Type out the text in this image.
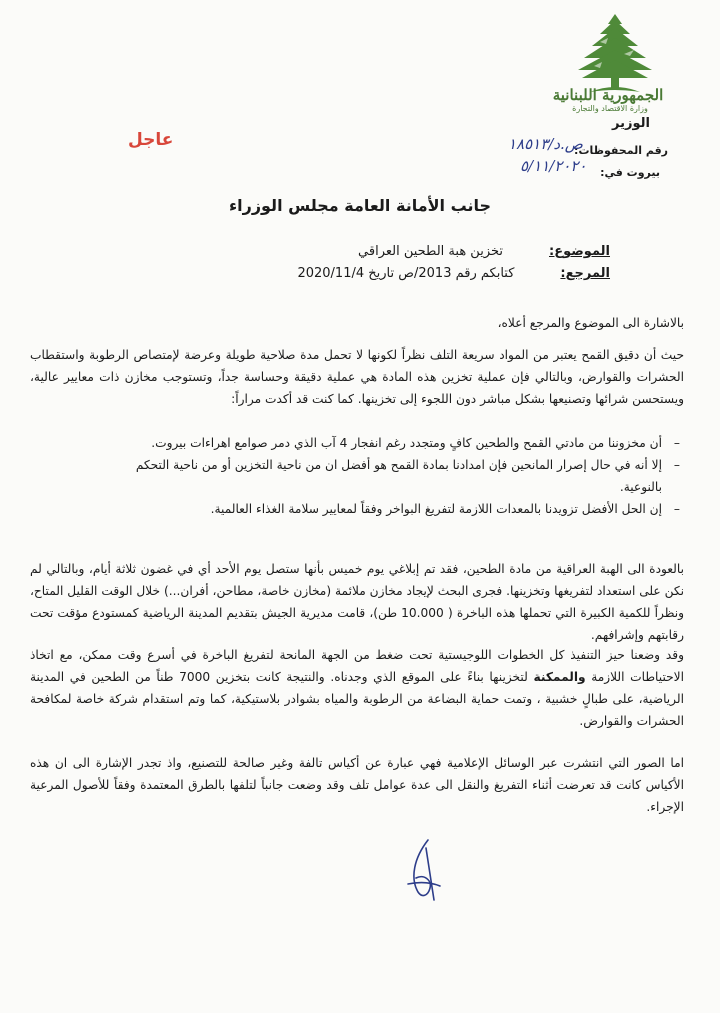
الجمهورية اللبنانية
وزارة الاقتصاد والتجارة
الوزير
رقم المحفوظات:
ص.د/١٨٥١٣
بيروت في:
٥/١١/٢٠٢٠
عاجل
جانب الأمانة العامة مجلس الوزراء
الموضوع:تخزين هبة الطحين العراقي
المرجع:كتابكم رقم 2013/ص تاريخ 2020/11/4
بالاشارة الى الموضوع والمرجع أعلاه،
حيث أن دقيق القمح يعتبر من المواد سريعة التلف نظراً لكونها لا تحمل مدة صلاحية طويلة وعرضة لإمتصاص الرطوبة واستقطاب الحشرات والقوارض، وبالتالي فإن عملية تخزين هذه المادة هي عملية دقيقة وحساسة جداً، وتستوجب مخازن ذات معايير عالية، ويستحسن شرائها وتصنيعها بشكل مباشر دون اللجوء إلى تخزينها. كما كنت قد أكدت مراراً:
– أن مخزوننا من مادتي القمح والطحين كافٍ ومتجدد رغم انفجار 4 آب الذي دمر صوامع اهراءات بيروت.
– إلا أنه في حال إصرار المانحين فإن امدادنا بمادة القمح هو أفضل ان من ناحية التخزين أو من ناحية التحكم بالنوعية.
– إن الحل الأفضل تزويدنا بالمعدات اللازمة لتفريغ البواخر وفقاً لمعايير سلامة الغذاء العالمية.
بالعودة الى الهبة العراقية من مادة الطحين، فقد تم إبلاغي يوم خميس بأنها ستصل يوم الأحد أي في غضون ثلاثة أيام، وبالتالي لم نكن على استعداد لتفريغها وتخزينها. فجرى البحث لإيجاد مخازن ملائمة (مخازن خاصة، مطاحن، أفران...) خلال الوقت القليل المتاح، ونظراً للكمية الكبيرة التي تحملها هذه الباخرة ( 10.000 طن)، قامت مديرية الجيش بتقديم المدينة الرياضية كمستودع مؤقت تحت رقابتهم وإشرافهم.
وقد وضعنا حيز التنفيذ كل الخطوات اللوجيستية تحت ضغط من الجهة المانحة لتفريغ الباخرة في أسرع وقت ممكن، مع اتخاذ الاحتياطات اللازمة والممكنة لتخزينها بناءً على الموقع الذي وجدناه. والنتيجة كانت بتخزين 7000 طناً من الطحين في المدينة الرياضية، على طبالٍ خشبية ، وتمت حماية البضاعة من الرطوبة والمياه بشوادر بلاستيكية، كما وتم استقدام شركة خاصة لمكافحة الحشرات والقوارض.
اما الصور التي انتشرت عبر الوسائل الإعلامية فهي عبارة عن أكياس تالفة وغير صالحة للتصنيع، واذ تجدر الإشارة الى ان هذه الأكياس كانت قد تعرضت أثناء التفريغ والنقل الى عدة عوامل تلف وقد وضعت جانباً لتلفها بالطرق المعتمدة وفقاً للأصول المرعية الإجراء.
